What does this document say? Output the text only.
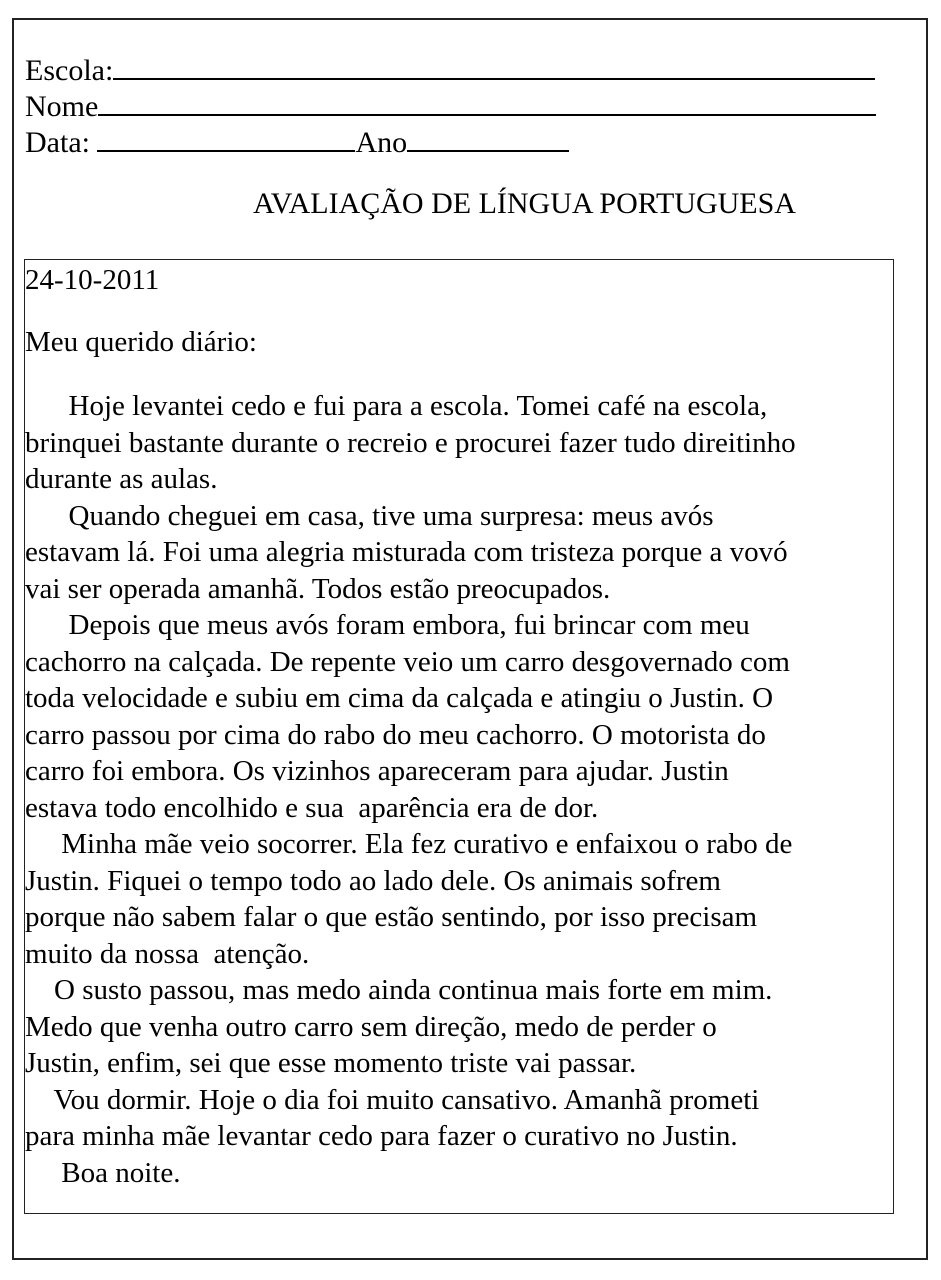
Escola:
Nome
Data:	Ano
AVALIAÇÃO DE LÍNGUA PORTUGUESA
24-10-2011
Meu querido diário:
Hoje levantei cedo e fui para a escola. Tomei café na escola,
brinquei bastante durante o recreio e procurei fazer tudo direitinho
durante as aulas.
Quando cheguei em casa, tive uma surpresa: meus avós
estavam lá. Foi uma alegria misturada com tristeza porque a vovó
vai ser operada amanhã. Todos estão preocupados.
Depois que meus avós foram embora, fui brincar com meu
cachorro na calçada. De repente veio um carro desgovernado com
toda velocidade e subiu em cima da calçada e atingiu o Justin. O
carro passou por cima do rabo do meu cachorro. O motorista do
carro foi embora. Os vizinhos apareceram para ajudar. Justin
estava todo encolhido e sua  aparência era de dor.
Minha mãe veio socorrer. Ela fez curativo e enfaixou o rabo de
Justin. Fiquei o tempo todo ao lado dele. Os animais sofrem
porque não sabem falar o que estão sentindo, por isso precisam
muito da nossa  atenção.
O susto passou, mas medo ainda continua mais forte em mim.
Medo que venha outro carro sem direção, medo de perder o
Justin, enfim, sei que esse momento triste vai passar.
Vou dormir. Hoje o dia foi muito cansativo. Amanhã prometi
para minha mãe levantar cedo para fazer o curativo no Justin.
Boa noite.
